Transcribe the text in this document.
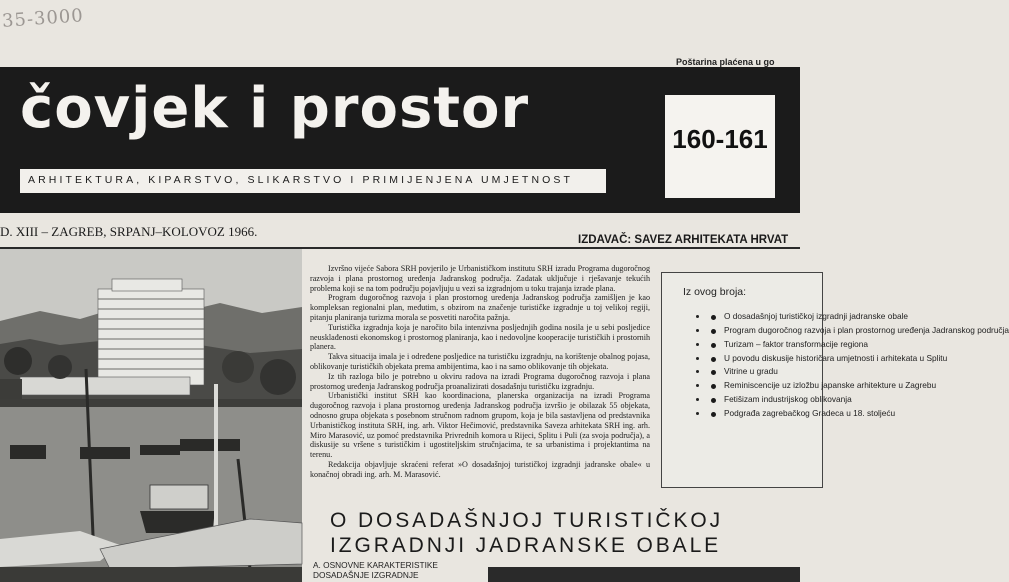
35-3000
Poštarina plaćena u go
čovjek i prostor
ARHITEKTURA, KIPARSTVO, SLIKARSTVO I PRIMIJENJENA UMJETNOST
160-161
D. XIII – ZAGREB, SRPANJ–KOLOVOZ 1966.
IZDAVAČ: SAVEZ ARHITEKATA HRVAT

Izvršno vijeće Sabora SRH povjerilo je Urbanističkom institutu SRH izradu Programa dugoročnog razvoja i plana prostornog uređenja Jadranskog područja. Zadatak uključuje i rješavanje tekućih problema koji se na tom području pojavljuju u vezi sa izgradnjom u toku trajanja izrade plana.

Program dugoročnog razvoja i plan prostornog uređenja Jadranskog područja zamišljen je kao kompleksan regionalni plan, međutim, s obzirom na značenje turističke izgradnje u toj velikoj regiji, pitanju planiranja turizma morala se posvetiti naročita pažnja.

Turistička izgradnja koja je naročito bila intenzivna posljednjih godina nosila je u sebi posljedice neusklađenosti ekonomskog i prostornog planiranja, kao i nedovoljne kooperacije turističkih i prostornih planera.

Takva situacija imala je i određene posljedice na turističku izgradnju, na korištenje obalnog pojasa, oblikovanje turističkih objekata prema ambijentima, kao i na samo oblikovanje tih objekata.

Iz tih razloga bilo je potrebno u okviru radova na izradi Programa dugoročnog razvoja i plana prostornog uređenja Jadranskog područja proanalizirati dosadašnju turističku izgradnju.

Urbanistički institut SRH kao koordinaciona, planerska organizacija na izradi Programa dugoročnog razvoja i plana prostornog uređenja Jadranskog područja izvršio je obilazak 55 objekata, odnosno grupa objekata s posebnom stručnom radnom grupom, koja je bila sastavljena od predstavnika Urbanističkog instituta SRH, ing. arh. Viktor Hečimović, predstavnika Saveza arhitekata SRH ing. arh. Miro Marasović, uz pomoć predstavnika Privrednih komora u Rijeci, Splitu i Puli (za svoja područja), a diskusije su vršene s turističkim i ugostiteljskim stručnjacima, te sa urbanistima i projektantima na terenu.

Redakcija objavljuje skraćeni referat »O dosadašnjoj turističkoj izgradnji jadranske obale« u konačnoj obradi ing. arh. M. Marasović.

Iz ovog broja:
• O dosadašnjoj turističkoj izgradnji jadranske obale
• Program dugoročnog razvoja i plan prostornog uređenja Jadranskog područja
• Turizam – faktor transformacije regiona
• U povodu diskusije historičara umjetnosti i arhitekata u Splitu
• Vitrine u gradu
• Reminiscencije uz izložbu japanske arhitekture u Zagrebu
• Fetišizam industrijskog oblikovanja
• Podgrađa zagrebačkog Gradeca u 18. stoljeću
O DOSADAŠNJOJ TURISTIČKOJ
IZGRADNJI JADRANSKE OBALE
A. OSNOVNE KARAKTERISTIKE DOSADAŠNJE IZGRADNJE
